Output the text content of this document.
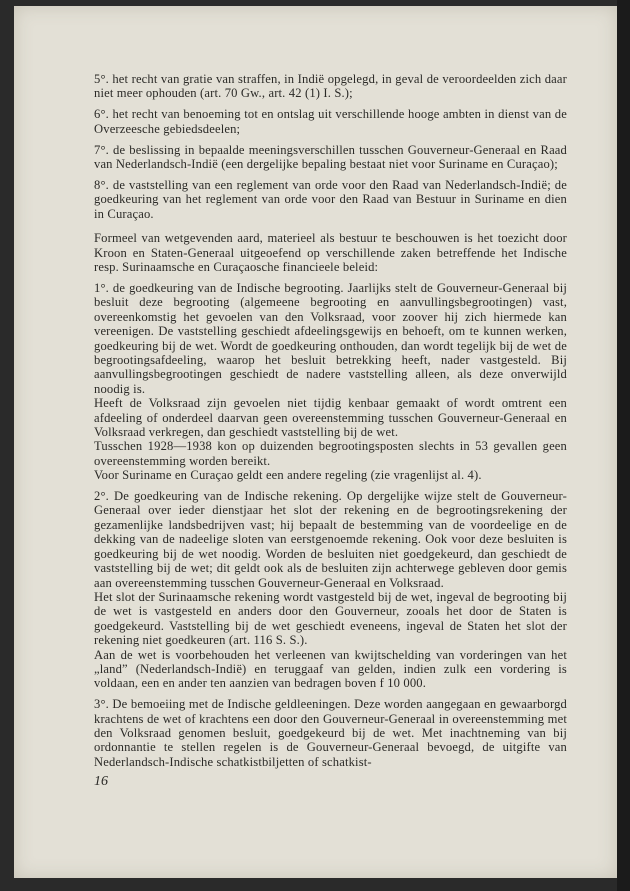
5°. het recht van gratie van straffen, in Indië opgelegd, in geval de veroordeelden zich daar niet meer ophouden (art. 70 Gw., art. 42 (1) I. S.);

6°. het recht van benoeming tot en ontslag uit verschillende hooge ambten in dienst van de Overzeesche gebiedsdeelen;

7°. de beslissing in bepaalde meeningsverschillen tusschen Gouverneur-Generaal en Raad van Nederlandsch-Indië (een dergelijke bepaling bestaat niet voor Suriname en Curaçao);

8°. de vaststelling van een reglement van orde voor den Raad van Nederlandsch-Indië; de goedkeuring van het reglement van orde voor den Raad van Bestuur in Suriname en dien in Curaçao.

Formeel van wetgevenden aard, materieel als bestuur te beschouwen is het toezicht door Kroon en Staten-Generaal uitgeoefend op verschillende zaken betreffende het Indische resp. Surinaamsche en Curaçaosche financieele beleid:

1°. de goedkeuring van de Indische begrooting. Jaarlijks stelt de Gouverneur-Generaal bij besluit deze begrooting (algemeene begrooting en aanvullingsbegrootingen) vast, overeenkomstig het gevoelen van den Volksraad, voor zoover hij zich hiermede kan vereenigen. De vaststelling geschiedt afdeelingsgewijs en behoeft, om te kunnen werken, goedkeuring bij de wet. Wordt de goedkeuring onthouden, dan wordt tegelijk bij de wet de begrootingsafdeeling, waarop het besluit betrekking heeft, nader vastgesteld. Bij aanvullingsbegrootingen geschiedt de nadere vaststelling alleen, als deze onverwijld noodig is.

Heeft de Volksraad zijn gevoelen niet tijdig kenbaar gemaakt of wordt omtrent een afdeeling of onderdeel daarvan geen overeenstemming tusschen Gouverneur-Generaal en Volksraad verkregen, dan geschiedt vaststelling bij de wet.

Tusschen 1928—1938 kon op duizenden begrootingsposten slechts in 53 gevallen geen overeenstemming worden bereikt.

Voor Suriname en Curaçao geldt een andere regeling (zie vragenlijst al. 4).

2°. De goedkeuring van de Indische rekening. Op dergelijke wijze stelt de Gouverneur-Generaal over ieder dienstjaar het slot der rekening en de begrootingsrekening der gezamenlijke landsbedrijven vast; hij bepaalt de bestemming van de voordeelige en de dekking van de nadeelige sloten van eerstgenoemde rekening. Ook voor deze besluiten is goedkeuring bij de wet noodig. Worden de besluiten niet goedgekeurd, dan geschiedt de vaststelling bij de wet; dit geldt ook als de besluiten zijn achterwege gebleven door gemis aan overeenstemming tusschen Gouverneur-Generaal en Volksraad.

Het slot der Surinaamsche rekening wordt vastgesteld bij de wet, ingeval de begrooting bij de wet is vastgesteld en anders door den Gouverneur, zooals het door de Staten is goedgekeurd. Vaststelling bij de wet geschiedt eveneens, ingeval de Staten het slot der rekening niet goedkeuren (art. 116 S. S.).

Aan de wet is voorbehouden het verleenen van kwijtschelding van vorderingen van het „land” (Nederlandsch-Indië) en teruggaaf van gelden, indien zulk een vordering is voldaan, een en ander ten aanzien van bedragen boven f 10 000.

3°. De bemoeiing met de Indische geldleeningen. Deze worden aangegaan en gewaarborgd krachtens de wet of krachtens een door den Gouverneur-Generaal in overeenstemming met den Volksraad genomen besluit, goedgekeurd bij de wet. Met inachtneming van bij ordonnantie te stellen regelen is de Gouverneur-Generaal bevoegd, de uitgifte van Nederlandsch-Indische schatkistbiljetten of schatkist-

16
